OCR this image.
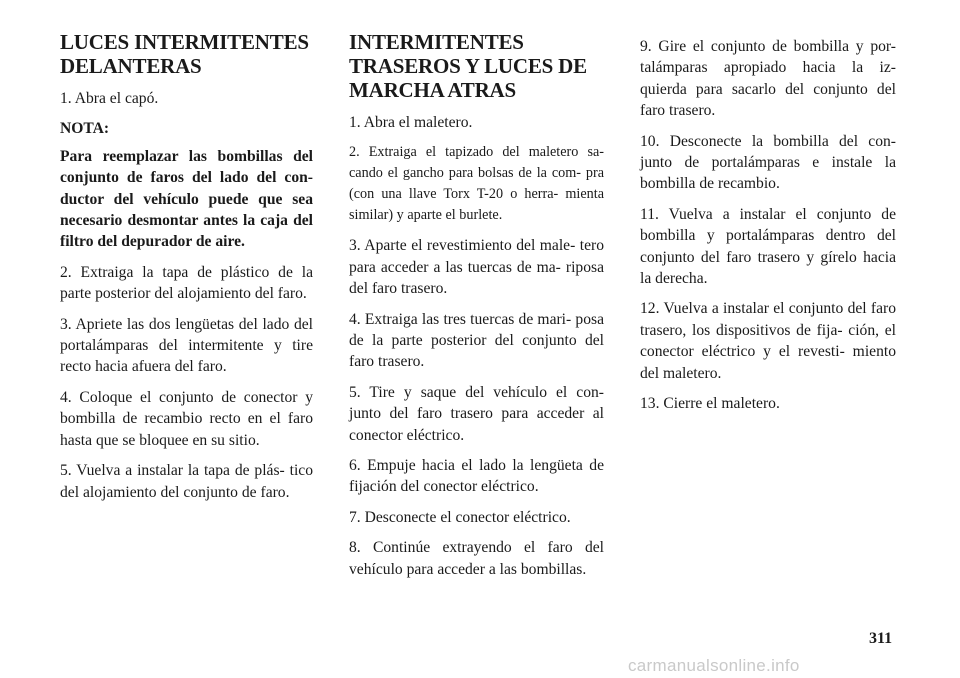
LUCES INTERMITENTES DELANTERAS

1. Abra el capó.

NOTA:

Para reemplazar las bombillas del conjunto de faros del lado del con- ductor del vehículo puede que sea necesario desmontar antes la caja del filtro del depurador de aire.

2. Extraiga la tapa de plástico de la parte posterior del alojamiento del faro.

3. Apriete las dos lengüetas del lado del portalámparas del intermitente y tire recto hacia afuera del faro.

4. Coloque el conjunto de conector y bombilla de recambio recto en el faro hasta que se bloquee en su sitio.

5. Vuelva a instalar la tapa de plás- tico del alojamiento del conjunto de faro.

INTERMITENTES TRASEROS Y LUCES DE MARCHA ATRAS

1. Abra el maletero.

2. Extraiga el tapizado del maletero sa- cando el gancho para bolsas de la com- pra (con una llave Torx T-20 o herra- mienta similar) y aparte el burlete.

3. Aparte el revestimiento del male- tero para acceder a las tuercas de ma- riposa del faro trasero.

4. Extraiga las tres tuercas de mari- posa de la parte posterior del conjunto del faro trasero.

5. Tire y saque del vehículo el con- junto del faro trasero para acceder al conector eléctrico.

6. Empuje hacia el lado la lengüeta de fijación del conector eléctrico.

7. Desconecte el conector eléctrico.

8. Continúe extrayendo el faro del vehículo para acceder a las bombillas.

9. Gire el conjunto de bombilla y por- talámparas apropiado hacia la iz- quierda para sacarlo del conjunto del faro trasero.

10. Desconecte la bombilla del con- junto de portalámparas e instale la bombilla de recambio.

11. Vuelva a instalar el conjunto de bombilla y portalámparas dentro del conjunto del faro trasero y gírelo hacia la derecha.

12. Vuelva a instalar el conjunto del faro trasero, los dispositivos de fija- ción, el conector eléctrico y el revesti- miento del maletero.

13. Cierre el maletero.

311
carmanualsonline.info
